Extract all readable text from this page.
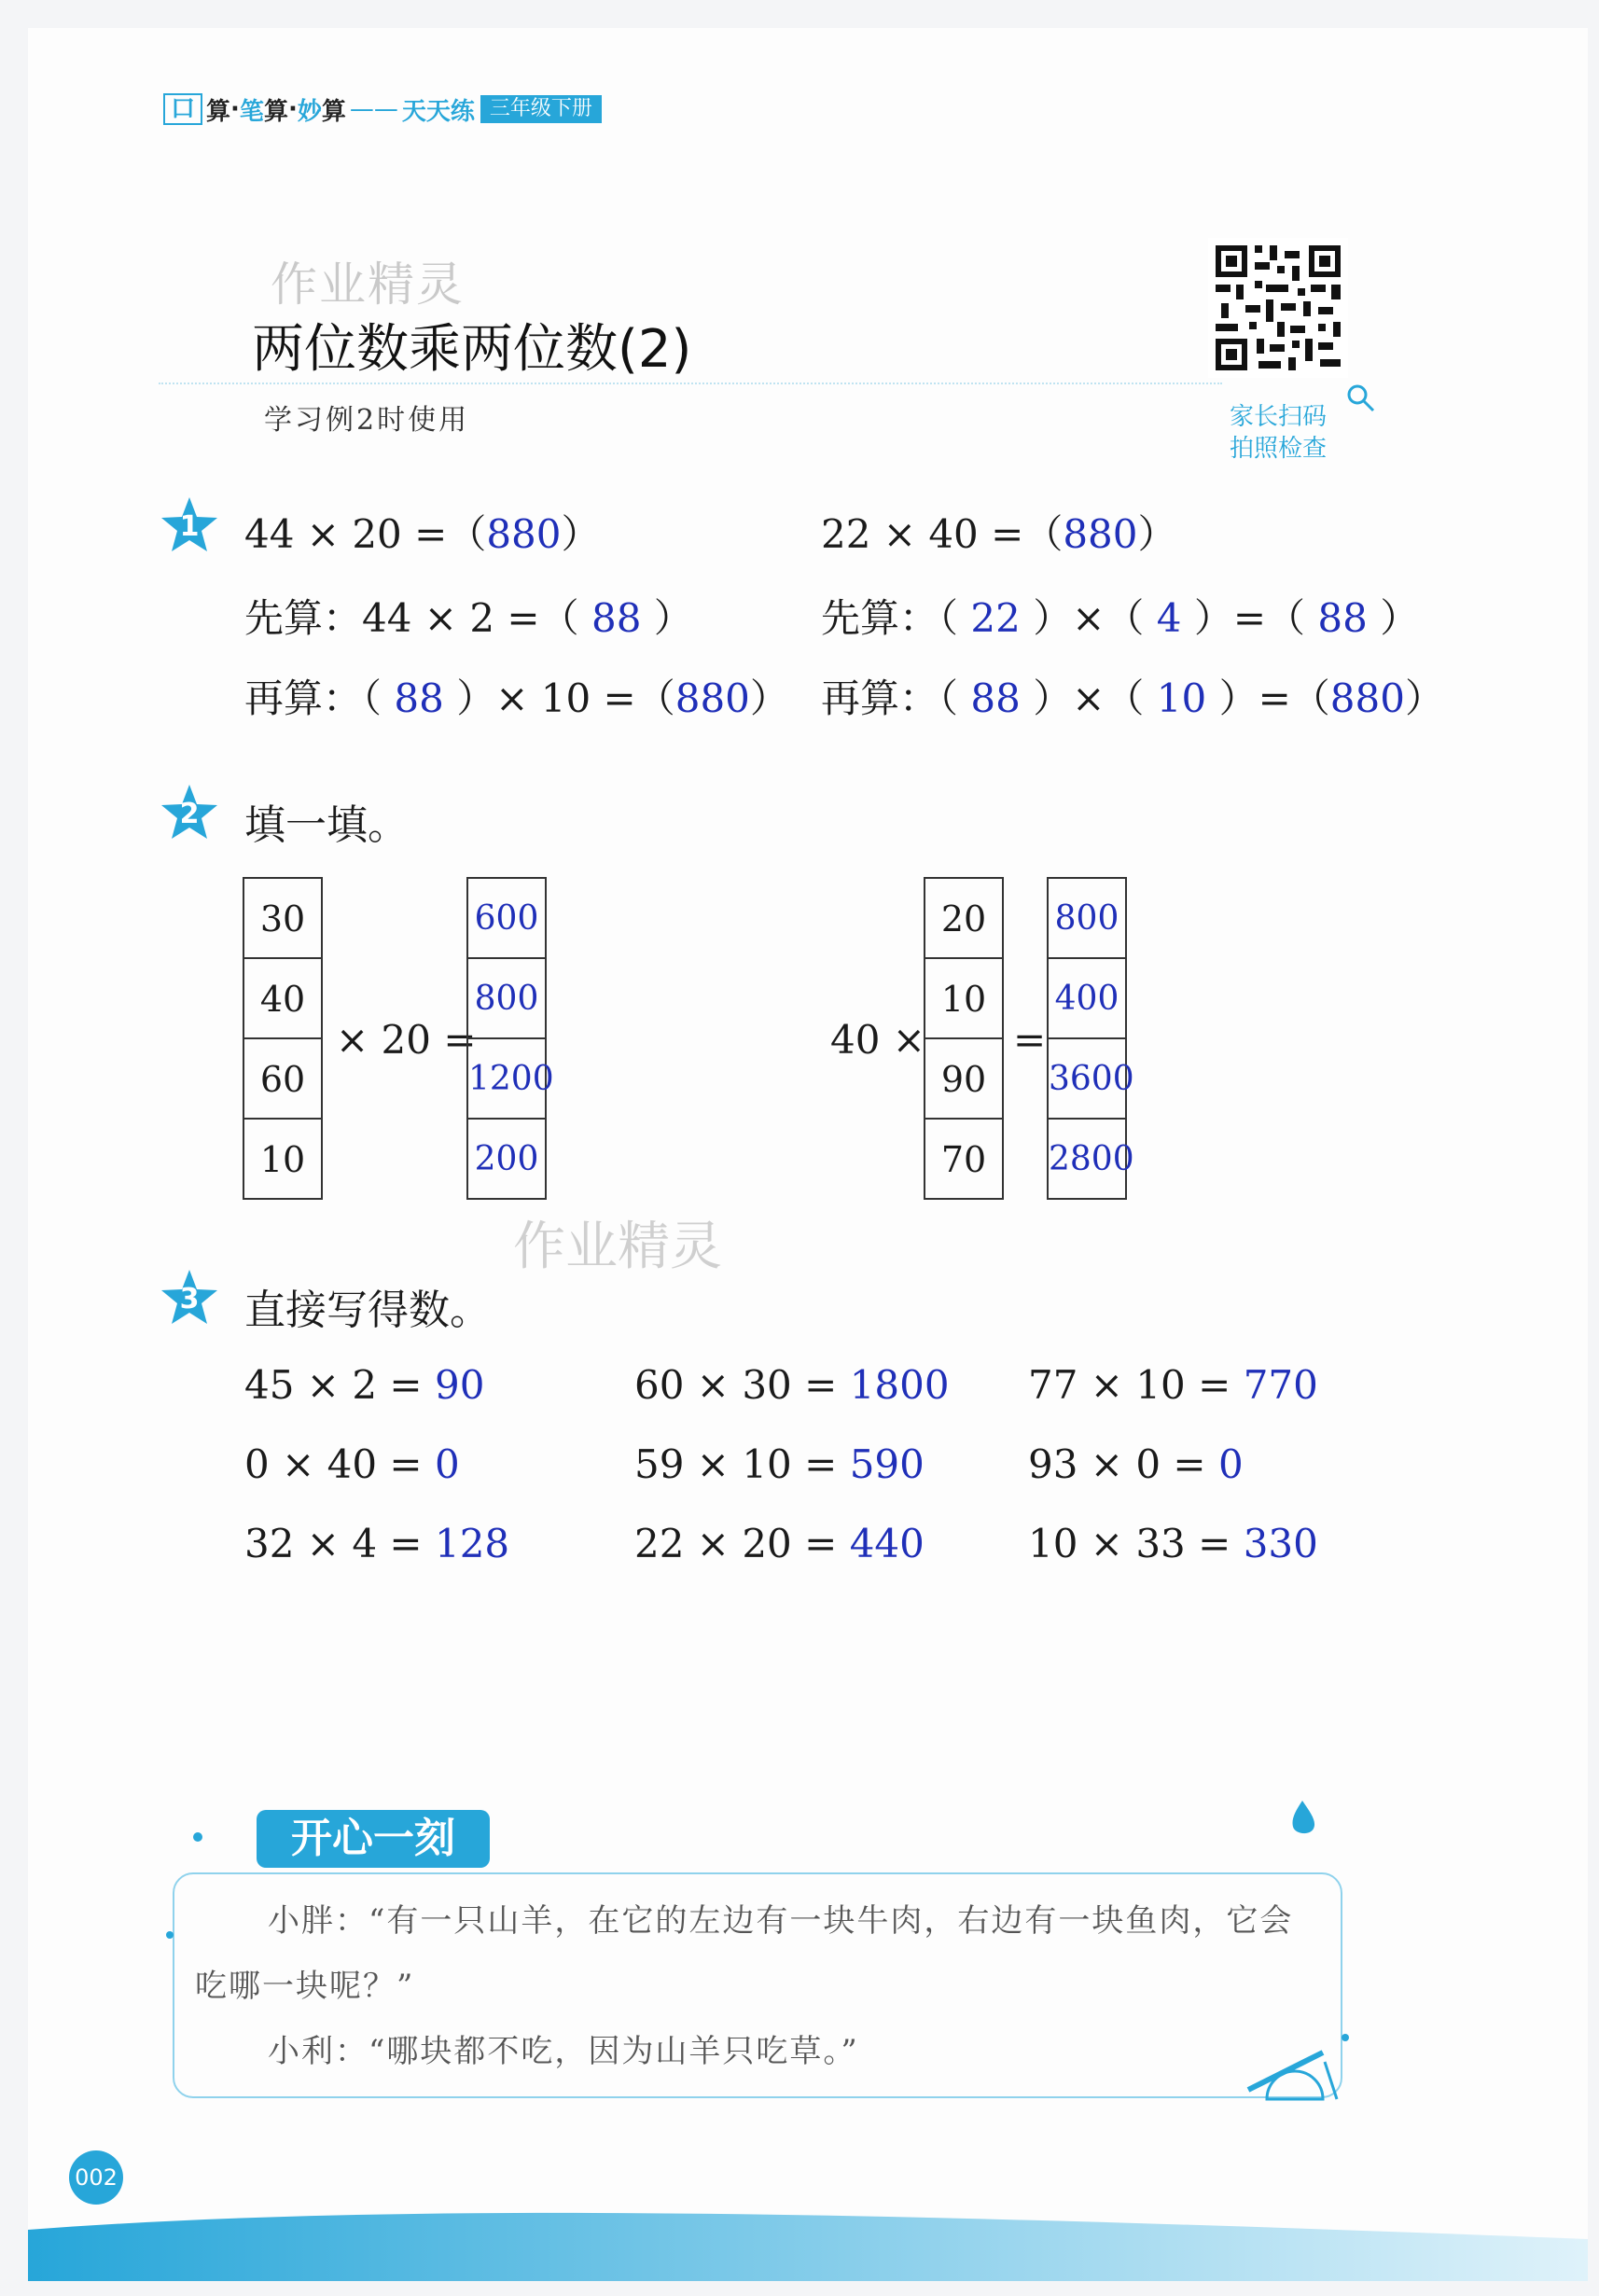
口 算 · 笔 算 · 妙 算 —— 天天练 三年级下册
作业精灵
两位数乘两位数(2)
学习例2时使用	家长扫码
拍照检查
1	44 × 20 =（880）
先算：44 × 2 =（ 88 ）
再算：（ 88 ）× 10 =（880）
22 × 40 =（880）
先算：（ 22 ）×（ 4 ）=（ 88 ）
再算：（ 88 ）×（ 10 ）=（880）
2	填一填。
30
40
60
10
× 20 =
600
800
1200
200
40 ×
20
10
90
70
=
800
400
3600
2800
作业精灵
3	直接写得数。
45 × 2 = 90	60 × 30 = 1800 77 × 10 = 770
0 × 40 = 0	59 × 10 = 590	93 × 0 = 0
32 × 4 = 128	22 × 20 = 440	10 × 33 = 330
开心一刻
小胖：“有一只山羊，在它的左边有一块牛肉，右边有一块鱼肉，它会
吃哪一块呢？”
小利：“哪块都不吃，因为山羊只吃草。”
002
